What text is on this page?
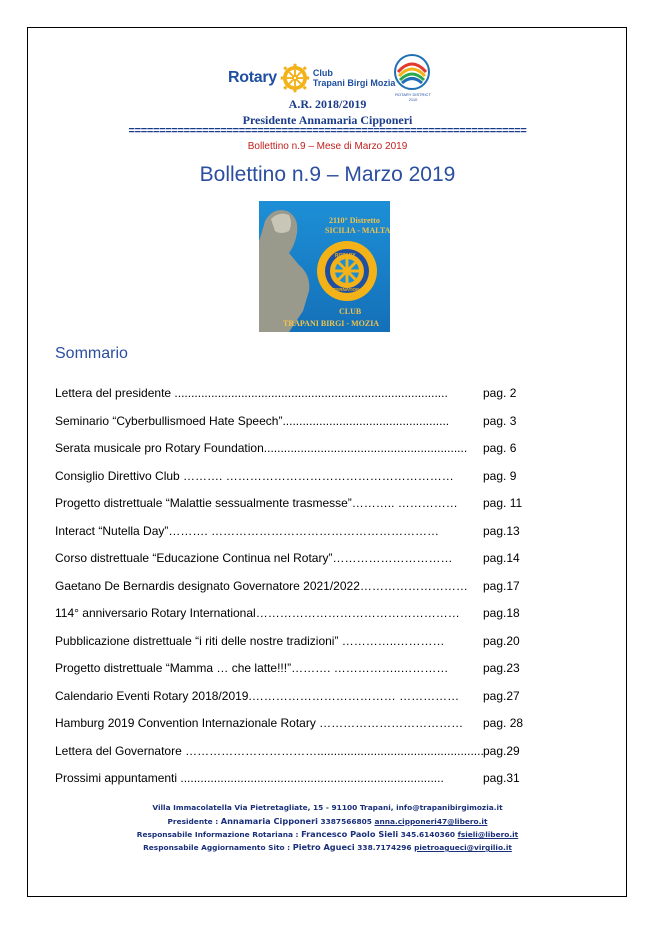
Rotary	Club
Trapani Birgi Mozia
ROTARY DISTRICT 2110
A.R. 2018/2019
Presidente Annamaria Cipponeri
=================================================================
Bollettino n.9 – Mese di Marzo 2019
Bollettino n.9 – Marzo 2019
2110° Distretto
SICILIA - MALTA
ROTARY
INTERNATIONAL
CLUB
TRAPANI BIRGI - MOZIA
Sommario
Lettera del presidente ..................................................................................	pag. 2
Seminario “Cyberbullismoed Hate Speech”..................................................	pag. 3
Serata musicale pro Rotary Foundation............................................................. pag. 6
Consiglio Direttivo Club ………. ………………………………………………… pag. 9
Progetto distrettuale “Malattie sessualmente trasmesse”……….. …………… pag. 11
Interact “Nutella Day”………. …………………………………………………	pag.13
Corso distrettuale “Educazione Continua nel Rotary”…………………………	pag.14
Gaetano De Bernardis designato Governatore 2021/2022……………………… pag.17
114° anniversario Rotary International…………………………………………… pag.18
Pubblicazione distrettuale “i riti delle nostre tradizioni” …………..…………	pag.20
Progetto distrettuale “Mamma … che latte!!!”………. ……………..…………	pag.23
Calendario Eventi Rotary 2018/2019.……………………………… …………… pag.27
Hamburg 2019 Convention Internazionale Rotary ……………………………… pag. 28
Lettera del Governatore …………………………….................................................. pag.29
Prossimi appuntamenti ...............................................................................	pag.31
Villa Immacolatella Via Pietretagliate, 15 - 91100 Trapani, info@trapanibirgimozia.it
Presidente : Annamaria Cipponeri 3387566805 anna.cipponeri47@libero.it
Responsabile Informazione Rotariana : Francesco Paolo Sieli 345.6140360 fsieli@libero.it
Responsabile Aggiornamento Sito : Pietro Agueci 338.7174296 pietroagueci@virgilio.it
